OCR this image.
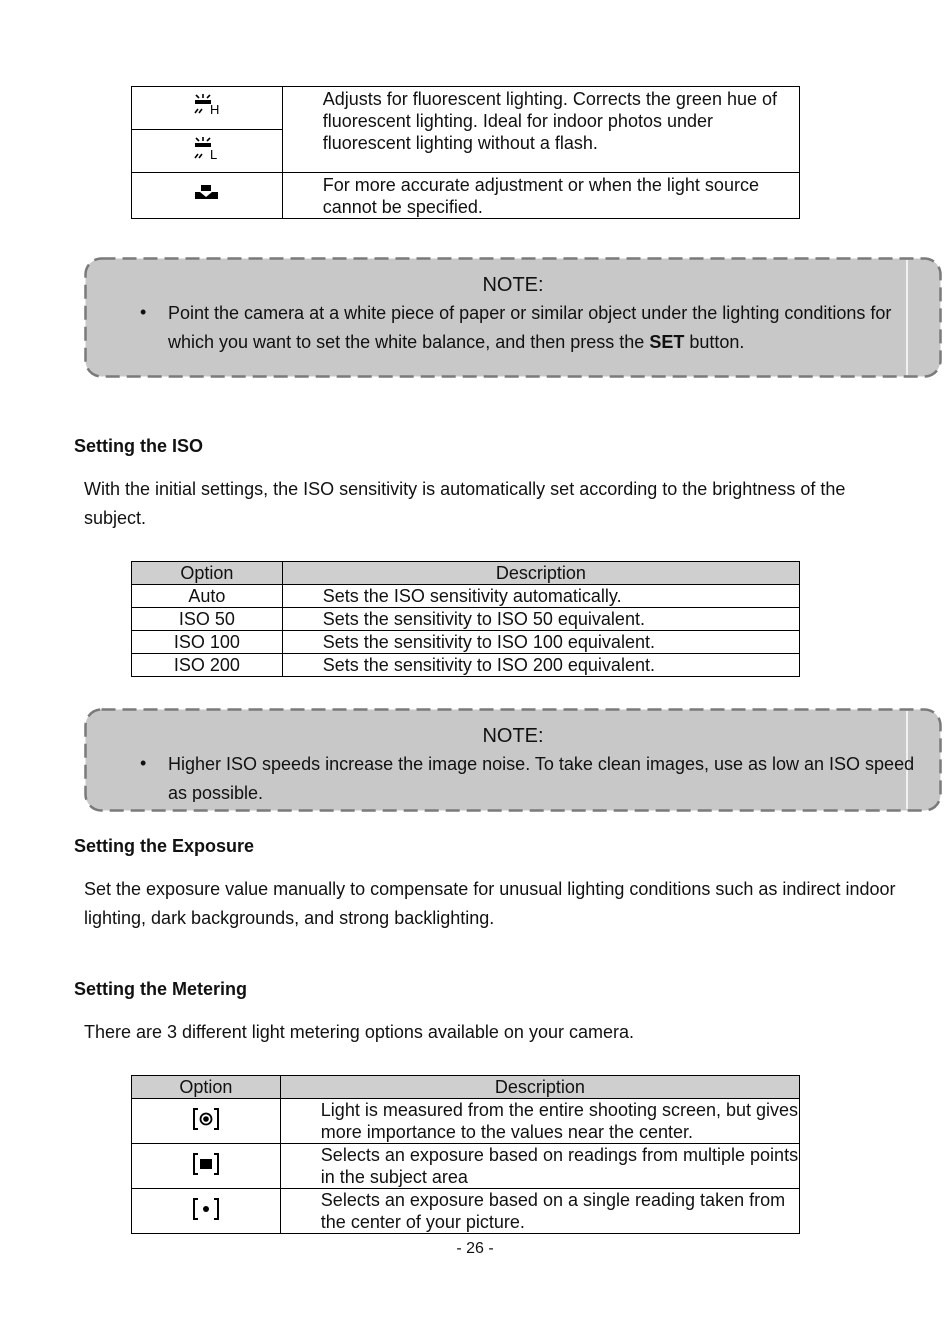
H	Adjusts for fluorescent lighting. Corrects the green hue of fluorescent lighting. Ideal for indoor photos under fluorescent lighting without a flash.

L	

	For more accurate adjustment or when the light source cannot be specified.
NOTE:
• Point the camera at a white piece of paper or similar object under the lighting conditions for which you want to set the white balance, and then press the SET button.
Setting the ISO
With the initial settings, the ISO sensitivity is automatically set according to the brightness of the subject.
Option	Description
Auto	Sets the ISO sensitivity automatically.
ISO 50	Sets the sensitivity to ISO 50 equivalent.
ISO 100	Sets the sensitivity to ISO 100 equivalent.
ISO 200	Sets the sensitivity to ISO 200 equivalent.
NOTE:
• Higher ISO speeds increase the image noise. To take clean images, use as low an ISO speed as possible.
Setting the Exposure
Set the exposure value manually to compensate for unusual lighting conditions such as indirect indoor lighting, dark backgrounds, and strong backlighting.
Setting the Metering
There are 3 different light metering options available on your camera.
Option	Description
	Light is measured from the entire shooting screen, but gives more importance to the values near the center.
	Selects an exposure based on readings from multiple points in the subject area
	Selects an exposure based on a single reading taken from the center of your picture.
- 26 -
